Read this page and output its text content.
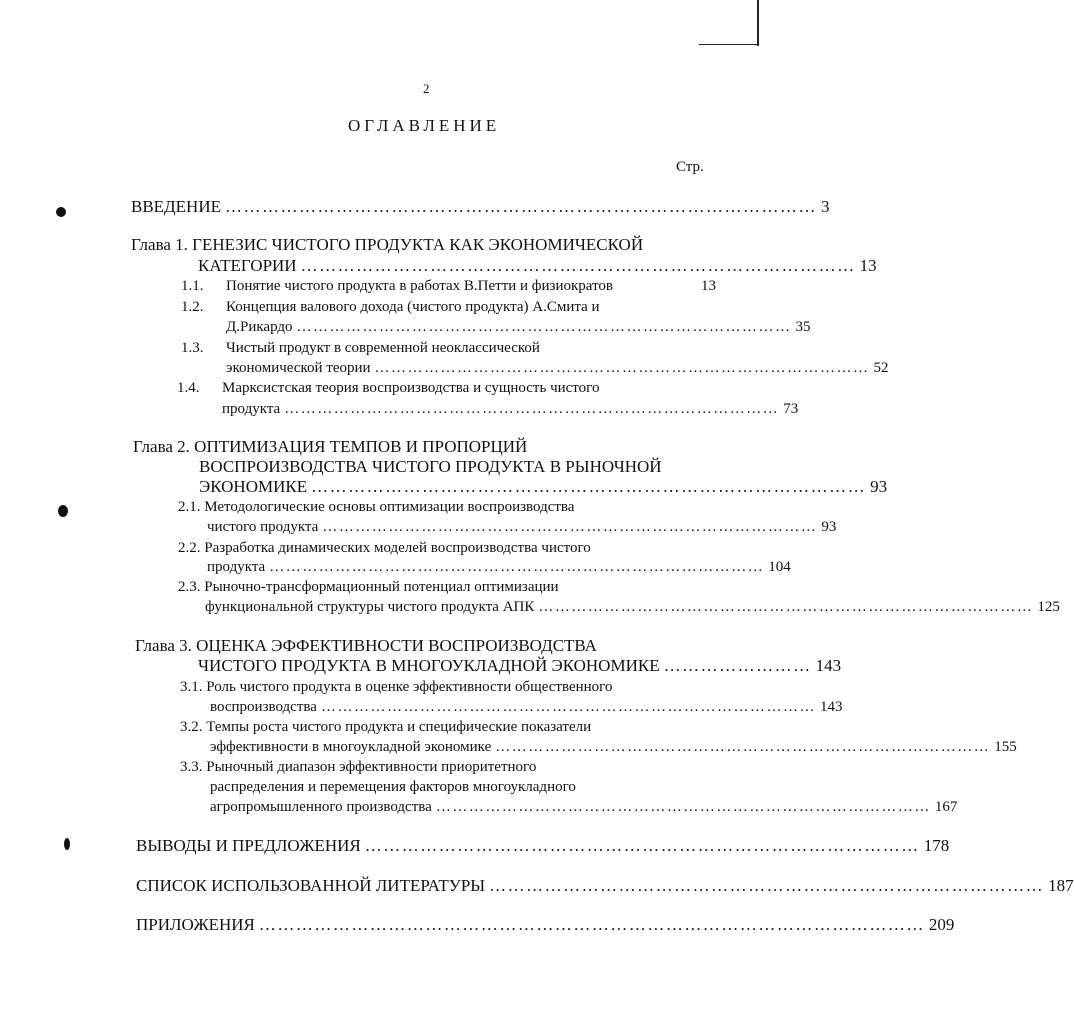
2
ОГЛАВЛЕНИЕ
Стр.
ВВЕДЕНИЕ …………………………………………………………………………………… 3
Глава 1. ГЕНЕЗИС ЧИСТОГО ПРОДУКТА КАК ЭКОНОМИЧЕСКОЙ
КАТЕГОРИИ ……………………………………………………………………………… 13
1.1. Понятие чистого продукта в работах В.Петти и физиократов	13
1.2. Концепция валового дохода (чистого продукта) А.Смита и
Д.Рикардо ……………………………………………………………………………… 35
1.3. Чистый продукт в современной неоклассической
экономической теории ……………………………………………………………………………… 52
1.4. Марксистская теория воспроизводства и сущность чистого
продукта ……………………………………………………………………………… 73
Глава 2. ОПТИМИЗАЦИЯ ТЕМПОВ И ПРОПОРЦИЙ
ВОСПРОИЗВОДСТВА ЧИСТОГО ПРОДУКТА В РЫНОЧНОЙ
ЭКОНОМИКЕ ……………………………………………………………………………… 93
2.1. Методологические основы оптимизации воспроизводства
чистого продукта ……………………………………………………………………………… 93
2.2. Разработка динамических моделей воспроизводства чистого
продукта ……………………………………………………………………………… 104
2.3. Рыночно-трансформационный потенциал оптимизации
функциональной структуры чистого продукта АПК ……………………………………………………………………………… 125
Глава 3. ОЦЕНКА ЭФФЕКТИВНОСТИ ВОСПРОИЗВОДСТВА
ЧИСТОГО ПРОДУКТА В МНОГОУКЛАДНОЙ ЭКОНОМИКЕ …………………… 143
3.1. Роль чистого продукта в оценке эффективности общественного
воспроизводства ……………………………………………………………………………… 143
3.2. Темпы роста чистого продукта и специфические показатели
эффективности в многоукладной экономике ……………………………………………………………………………… 155
3.3. Рыночный диапазон эффективности приоритетного
распределения и перемещения факторов многоукладного
агропромышленного производства ……………………………………………………………………………… 167
ВЫВОДЫ И ПРЕДЛОЖЕНИЯ ……………………………………………………………………………… 178
СПИСОК ИСПОЛЬЗОВАННОЙ ЛИТЕРАТУРЫ ……………………………………………………………………………… 187
ПРИЛОЖЕНИЯ ……………………………………………………………………………………………… 209
